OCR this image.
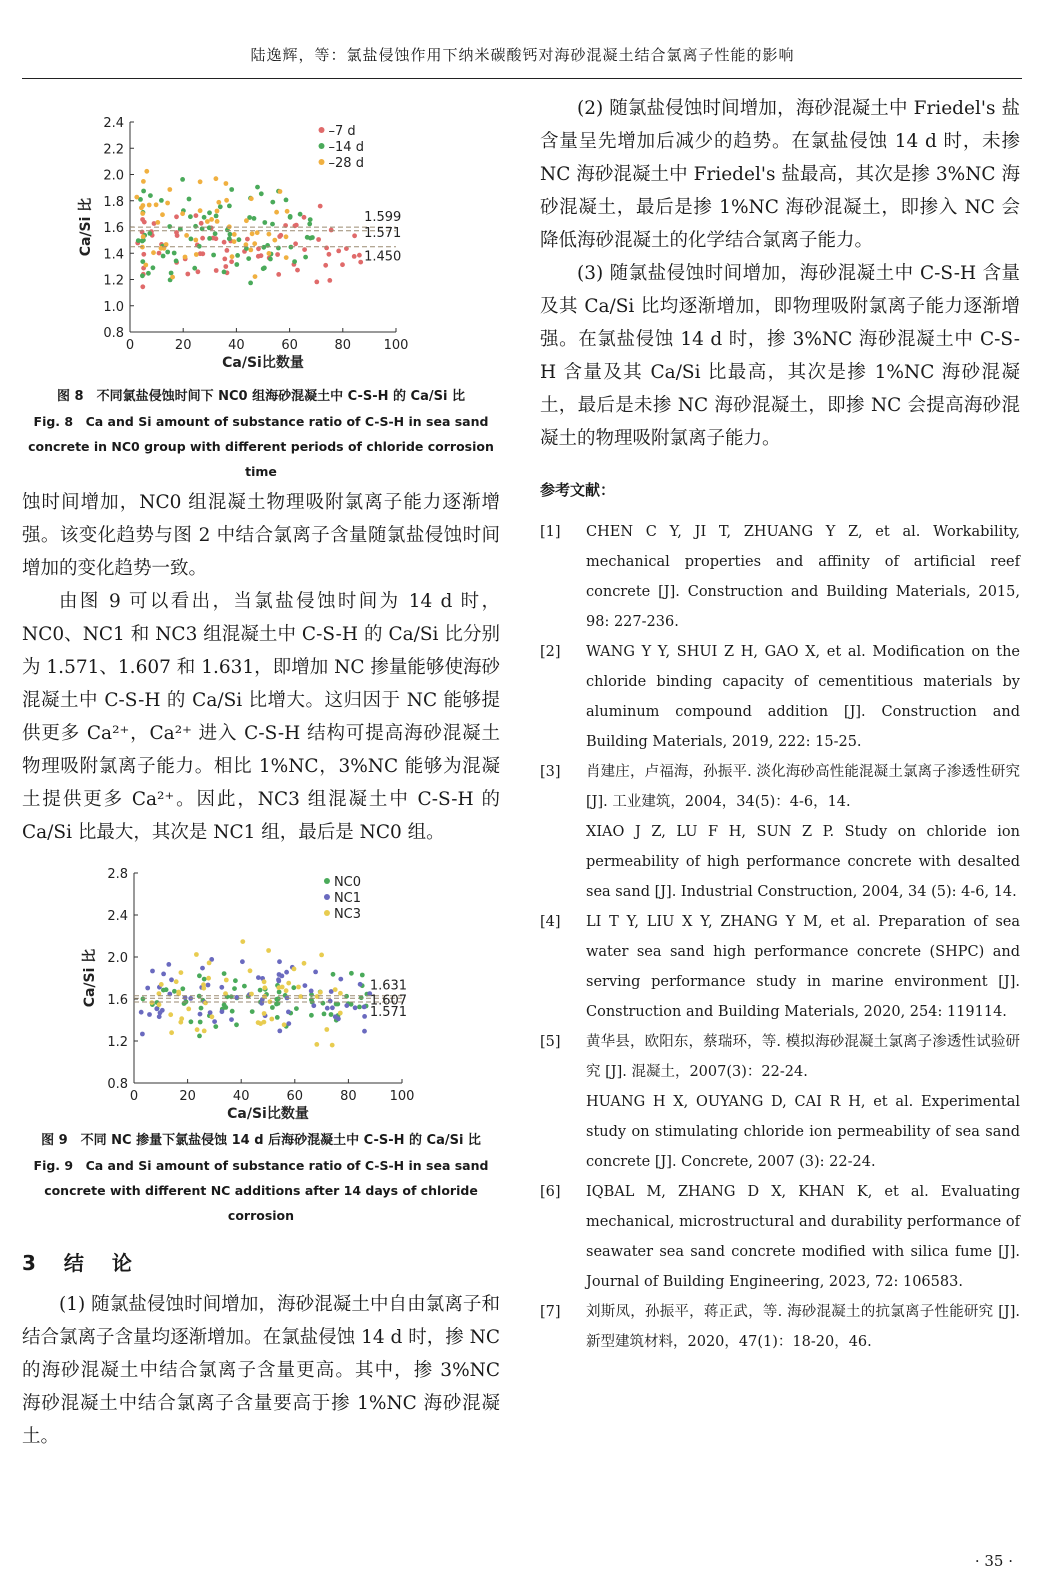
陆逸辉，等：氯盐侵蚀作用下纳米碳酸钙对海砂混凝土结合氯离子性能的影响
0.8
1.0
1.2
1.4
1.6
1.8
2.0
2.2
2.4
0	20	40	60	80	100
Ca/Si比数量
Ca/Si 比	1.599
1.571
1.450
–7 d
–14 d
–28 d

图 8　不同氯盐侵蚀时间下 NC0 组海砂混凝土中 C-S-H 的 Ca/Si 比

Fig. 8　Ca and Si amount of substance ratio of C-S-H in sea sand concrete in NC0 group with different periods of chloride corrosion time

蚀时间增加，NC0 组混凝土物理吸附氯离子能力逐渐增强。该变化趋势与图 2 中结合氯离子含量随氯盐侵蚀时间增加的变化趋势一致。

由图 9 可以看出，当氯盐侵蚀时间为 14 d 时，NC0、NC1 和 NC3 组混凝土中 C-S-H 的 Ca/Si 比分别为 1.571、1.607 和 1.631，即增加 NC 掺量能够使海砂混凝土中 C-S-H 的 Ca/Si 比增大。这归因于 NC 能够提供更多 Ca²⁺，Ca²⁺ 进入 C-S-H 结构可提高海砂混凝土物理吸附氯离子能力。相比 1%NC，3%NC 能够为混凝土提供更多 Ca²⁺。因此，NC3 组混凝土中 C-S-H 的 Ca/Si 比最大，其次是 NC1 组，最后是 NC0 组。

0.8
1.2
1.6
2.0
2.4
2.8
0	20	40	60	80	100
Ca/Si比数量
Ca/Si 比	1.631
1.607
1.571
NC0
NC1
NC3

图 9　不同 NC 掺量下氯盐侵蚀 14 d 后海砂混凝土中 C-S-H 的 Ca/Si 比

Fig. 9　Ca and Si amount of substance ratio of C-S-H in sea sand concrete with different NC additions after 14 days of chloride corrosion

3　结　论

(1) 随氯盐侵蚀时间增加，海砂混凝土中自由氯离子和结合氯离子含量均逐渐增加。在氯盐侵蚀 14 d 时，掺 NC 的海砂混凝土中结合氯离子含量更高。其中，掺 3%NC 海砂混凝土中结合氯离子含量要高于掺 1%NC 海砂混凝土。

(2) 随氯盐侵蚀时间增加，海砂混凝土中 Friedel's 盐含量呈先增加后减少的趋势。在氯盐侵蚀 14 d 时，未掺 NC 海砂混凝土中 Friedel's 盐最高，其次是掺 3%NC 海砂混凝土，最后是掺 1%NC 海砂混凝土，即掺入 NC 会降低海砂混凝土的化学结合氯离子能力。

(3) 随氯盐侵蚀时间增加，海砂混凝土中 C-S-H 含量及其 Ca/Si 比均逐渐增加，即物理吸附氯离子能力逐渐增强。在氯盐侵蚀 14 d 时，掺 3%NC 海砂混凝土中 C-S-H 含量及其 Ca/Si 比最高，其次是掺 1%NC 海砂混凝土，最后是未掺 NC 海砂混凝土，即掺 NC 会提高海砂混凝土的物理吸附氯离子能力。

参考文献：

[1]	CHEN C Y, JI T, ZHUANG Y Z, et al. Workability, mechanical properties and affinity of artificial reef concrete [J]. Construction and Building Materials, 2015, 98: 227-236.
[2]	WANG Y Y, SHUI Z H, GAO X, et al. Modification on the chloride binding capacity of cementitious materials by aluminum compound addition [J]. Construction and Building Materials, 2019, 222: 15-25.
[3]	肖建庄，卢福海，孙振平. 淡化海砂高性能混凝土氯离子渗透性研究 [J]. 工业建筑，2004，34(5)：4-6，14.
XIAO J Z, LU F H, SUN Z P. Study on chloride ion permeability of high performance concrete with desalted sea sand [J]. Industrial Construction, 2004, 34 (5): 4-6, 14.
[4]	LI T Y, LIU X Y, ZHANG Y M, et al. Preparation of sea water sea sand high performance concrete (SHPC) and serving performance study in marine environment [J]. Construction and Building Materials, 2020, 254: 119114.
[5]	黄华县，欧阳东，蔡瑞环，等. 模拟海砂混凝土氯离子渗透性试验研究 [J]. 混凝土，2007(3)：22-24.
HUANG H X, OUYANG D, CAI R H, et al. Experimental study on stimulating chloride ion permeability of sea sand concrete [J]. Concrete, 2007 (3): 22-24.
[6]	IQBAL M, ZHANG D X, KHAN K, et al. Evaluating mechanical, microstructural and durability performance of seawater sea sand concrete modified with silica fume [J]. Journal of Building Engineering, 2023, 72: 106583.
[7]	刘斯凤，孙振平，蒋正武，等. 海砂混凝土的抗氯离子性能研究 [J]. 新型建筑材料，2020，47(1)：18-20，46.
· 35 ·
